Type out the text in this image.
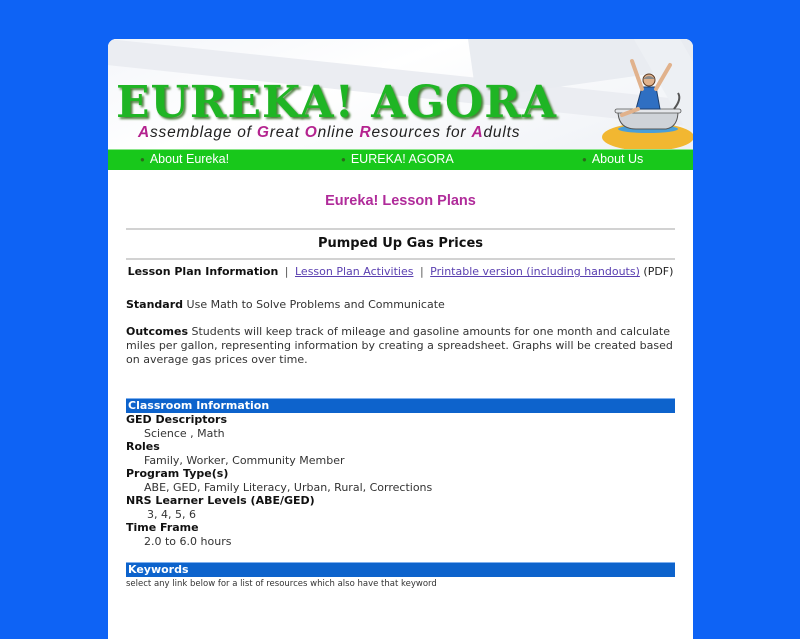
EUREKA! AGORA
Assemblage of Great Online Resources for Adults
● About Eureka!	● EUREKA! AGORA	● About Us
Eureka! Lesson Plans
Pumped Up Gas Prices
Lesson Plan Information | Lesson Plan Activities | Printable version (including handouts) (PDF)

Standard Use Math to Solve Problems and Communicate

Outcomes Students will keep track of mileage and gasoline amounts for one month and calculate miles per gallon, representing information by creating a spreadsheet. Graphs will be created based on average gas prices over time.

Classroom Information
GED Descriptors
Science , Math
Roles
Family, Worker, Community Member
Program Type(s)
ABE, GED, Family Literacy, Urban, Rural, Corrections
NRS Learner Levels (ABE/GED)
3, 4, 5, 6
Time Frame
2.0 to 6.0 hours
Keywords
select any link below for a list of resources which also have that keyword
